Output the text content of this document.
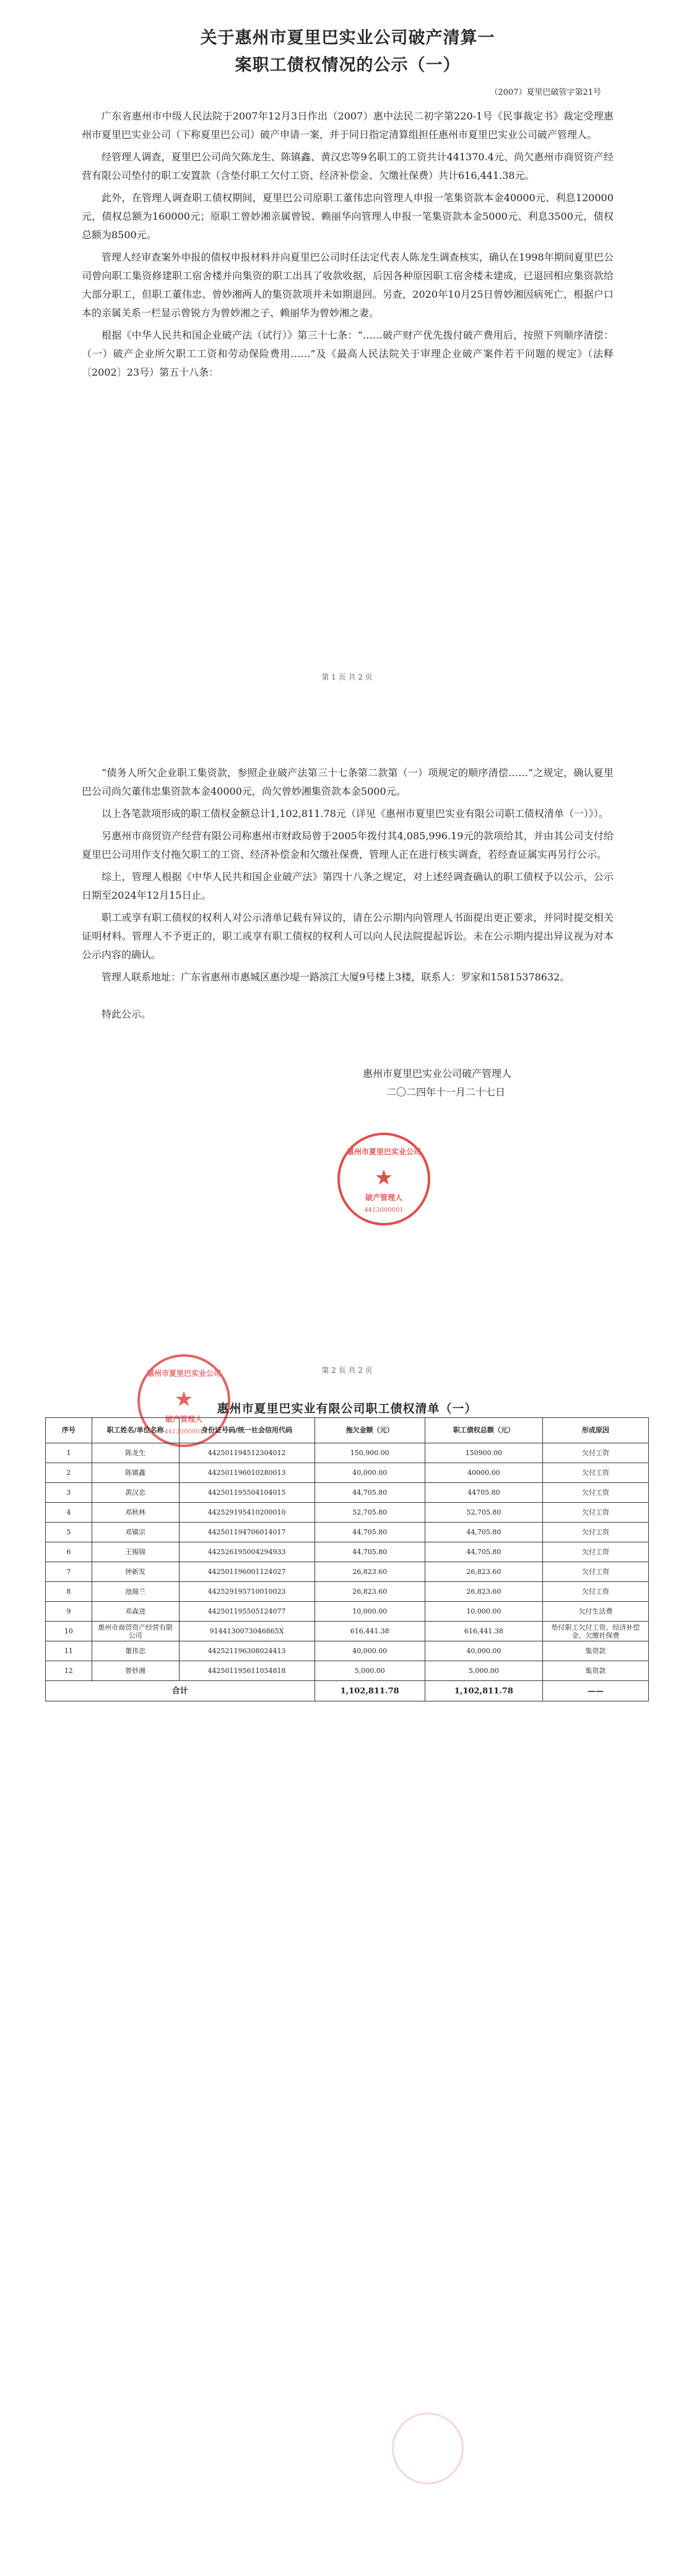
关于惠州市夏里巴实业公司破产清算一
案职工债权情况的公示（一）
（2007）夏里巴破管字第21号

广东省惠州市中级人民法院于2007年12月3日作出（2007）惠中法民二初字第220-1号《民事裁定书》裁定受理惠州市夏里巴实业公司（下称夏里巴公司）破产申请一案，并于同日指定清算组担任惠州市夏里巴实业公司破产管理人。

经管理人调查，夏里巴公司尚欠陈龙生、陈镇鑫、黄汉忠等9名职工的工资共计441370.4元、尚欠惠州市商贸资产经营有限公司垫付的职工安置款（含垫付职工欠付工资、经济补偿金、欠缴社保费）共计616,441.38元。

此外，在管理人调查职工债权期间，夏里巴公司原职工董伟忠向管理人申报一笔集资款本金40000元、利息120000元，债权总额为160000元；原职工曾妙湘亲属曾锐、赖丽华向管理人申报一笔集资款本金5000元、利息3500元，债权总额为8500元。

管理人经审查案外申报的债权申报材料并向夏里巴公司时任法定代表人陈龙生调查核实，确认在1998年期间夏里巴公司曾向职工集资修建职工宿舍楼并向集资的职工出具了收款收据，后因各种原因职工宿舍楼未建成，已退回相应集资款给大部分职工，但职工董伟忠、曾妙湘两人的集资款项并未如期退回。另查，2020年10月25日曾妙湘因病死亡，根据户口本的亲属关系一栏显示曾锐方为曾妙湘之子、赖丽华为曾妙湘之妻。

根据《中华人民共和国企业破产法（试行）》第三十七条：“……破产财产优先拨付破产费用后，按照下列顺序清偿：（一）破产企业所欠职工工资和劳动保险费用……”及《最高人民法院关于审理企业破产案件若干问题的规定》（法释〔2002〕23号）第五十八条：

第 1 页 共 2 页

“债务人所欠企业职工集资款，参照企业破产法第三十七条第二款第（一）项规定的顺序清偿……”之规定，确认夏里巴公司尚欠董伟忠集资款本金40000元，尚欠曾妙湘集资款本金5000元。

以上各笔款项形成的职工债权金额总计1,102,811.78元（详见《惠州市夏里巴实业有限公司职工债权清单（一）》）。

另惠州市商贸资产经营有限公司称惠州市财政局曾于2005年拨付其4,085,996.19元的款项给其，并由其公司支付给夏里巴公司用作支付拖欠职工的工资、经济补偿金和欠缴社保费，管理人正在进行核实调查，若经查证属实再另行公示。

综上，管理人根据《中华人民共和国企业破产法》第四十八条之规定，对上述经调查确认的职工债权予以公示，公示日期至2024年12月15日止。

职工或享有职工债权的权利人对公示清单记载有异议的，请在公示期内向管理人书面提出更正要求，并同时提交相关证明材料。管理人不予更正的，职工或享有职工债权的权利人可以向人民法院提起诉讼。未在公示期内提出异议视为对本公示内容的确认。

管理人联系地址：广东省惠州市惠城区惠沙堤一路滨江大厦9号楼上3楼，联系人：罗家和15815378632。

特此公示。

惠州市夏里巴实业公司破产管理人
二〇二四年十一月二十七日
惠州市夏里巴实业公司
★
破产管理人
4413000001
第 2 页 共 2 页
惠州市夏里巴实业公司
★
破产管理人
4413000001
惠州市夏里巴实业有限公司职工债权清单（一）
序号	职工姓名/单位名称	身份证号码/统一社会信用代码	拖欠金额（元）	职工债权总额（元）	形成原因
1	陈龙生	442501194512304012	150,900.00	150900.00	欠付工资
2	陈镇鑫	442501196010280013	40,000.00	40000.00	欠付工资
3	黄汉忠	442501195504104015	44,705.80	44705.80	欠付工资
4	邓秋林	442529195410200010	52,705.80	52,705.80	欠付工资
5	邓镇宗	442501194706014017	44,705.80	44,705.80	欠付工资
6	王锡锦	442526195004294933	44,705.80	44,705.80	欠付工资
7	钟新发	442501196001124027	26,823.60	26,823.60	欠付工资
8	池瑞兰	442529195710010023	26,823.60	26,823.60	欠付工资
9	邓森进	442501195505124077	10,000.00	10,000.00	欠付生活费
10	惠州市商贸资产经营有限公司	9144130073046865X	616,441.38	616,441.38	垫付职工欠付工资、经济补偿金、欠缴社保费
11	董伟忠	442521196308024413	40,000.00	40,000.00	集资款
12	曾妙湘	442501195611054818	5,000.00	5,000.00	集资款
合计			1,102,811.78	1,102,811.78	——
